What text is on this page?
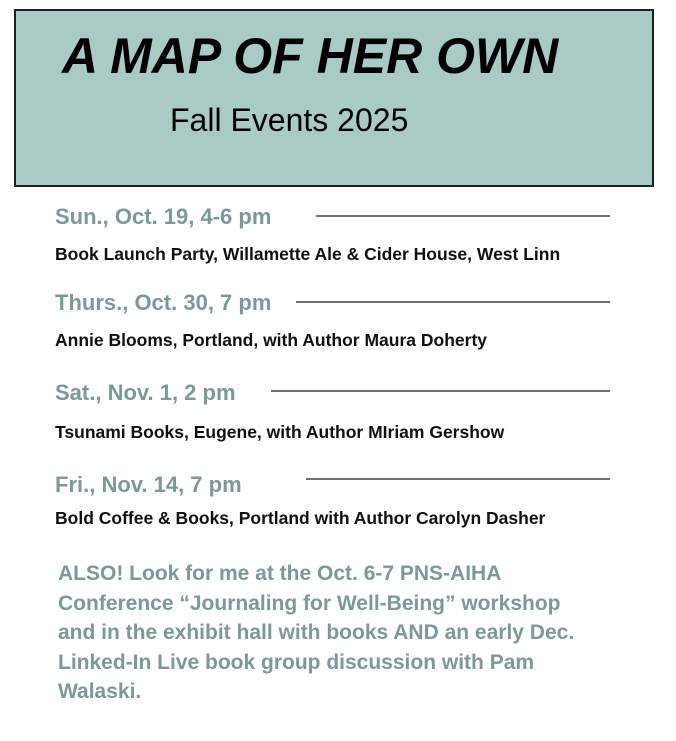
A MAP OF HER OWN
Fall Events 2025
Sun., Oct. 19, 4-6 pm
Book Launch Party, Willamette Ale & Cider House, West Linn
Thurs., Oct. 30, 7 pm
Annie Blooms, Portland, with Author Maura Doherty
Sat., Nov. 1, 2 pm
Tsunami Books, Eugene, with Author MIriam Gershow
Fri., Nov. 14, 7 pm
Bold Coffee & Books, Portland with Author Carolyn Dasher
ALSO! Look for me at the Oct. 6-7 PNS-AIHA
Conference “Journaling for Well-Being” workshop
and in the exhibit hall with books AND an early Dec.
Linked-In Live book group discussion with Pam
Walaski.
